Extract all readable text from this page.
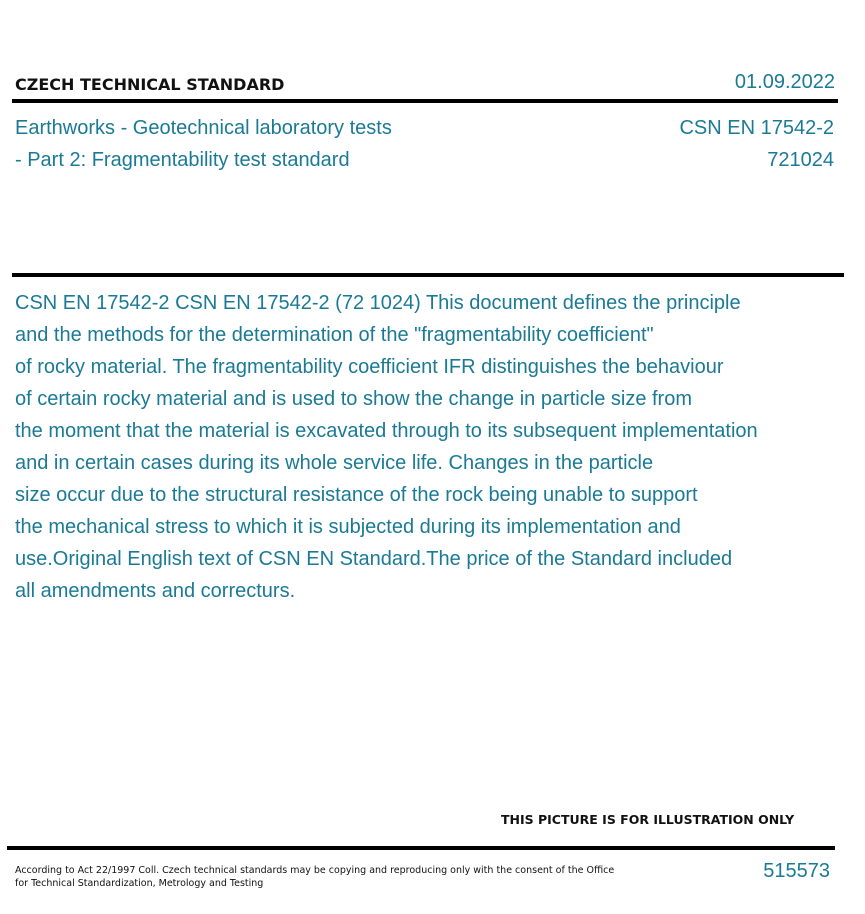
CZECH TECHNICAL STANDARD	01.09.2022
Earthworks - Geotechnical laboratory tests
- Part 2: Fragmentability test standard
CSN EN 17542-2
721024
CSN EN 17542-2 CSN EN 17542-2 (72 1024) This document defines the principle
and the methods for the determination of the "fragmentability coefficient"
of rocky material. The fragmentability coefficient IFR distinguishes the behaviour
of certain rocky material and is used to show the change in particle size from
the moment that the material is excavated through to its subsequent implementation
and in certain cases during its whole service life. Changes in the particle
size occur due to the structural resistance of the rock being unable to support
the mechanical stress to which it is subjected during its implementation and
use.Original English text of CSN EN Standard.The price of the Standard included
all amendments and correcturs.
THIS PICTURE IS FOR ILLUSTRATION ONLY
According to Act 22/1997 Coll. Czech technical standards may be copying and reproducing only with the consent of the Office
for Technical Standardization, Metrology and Testing
515573
